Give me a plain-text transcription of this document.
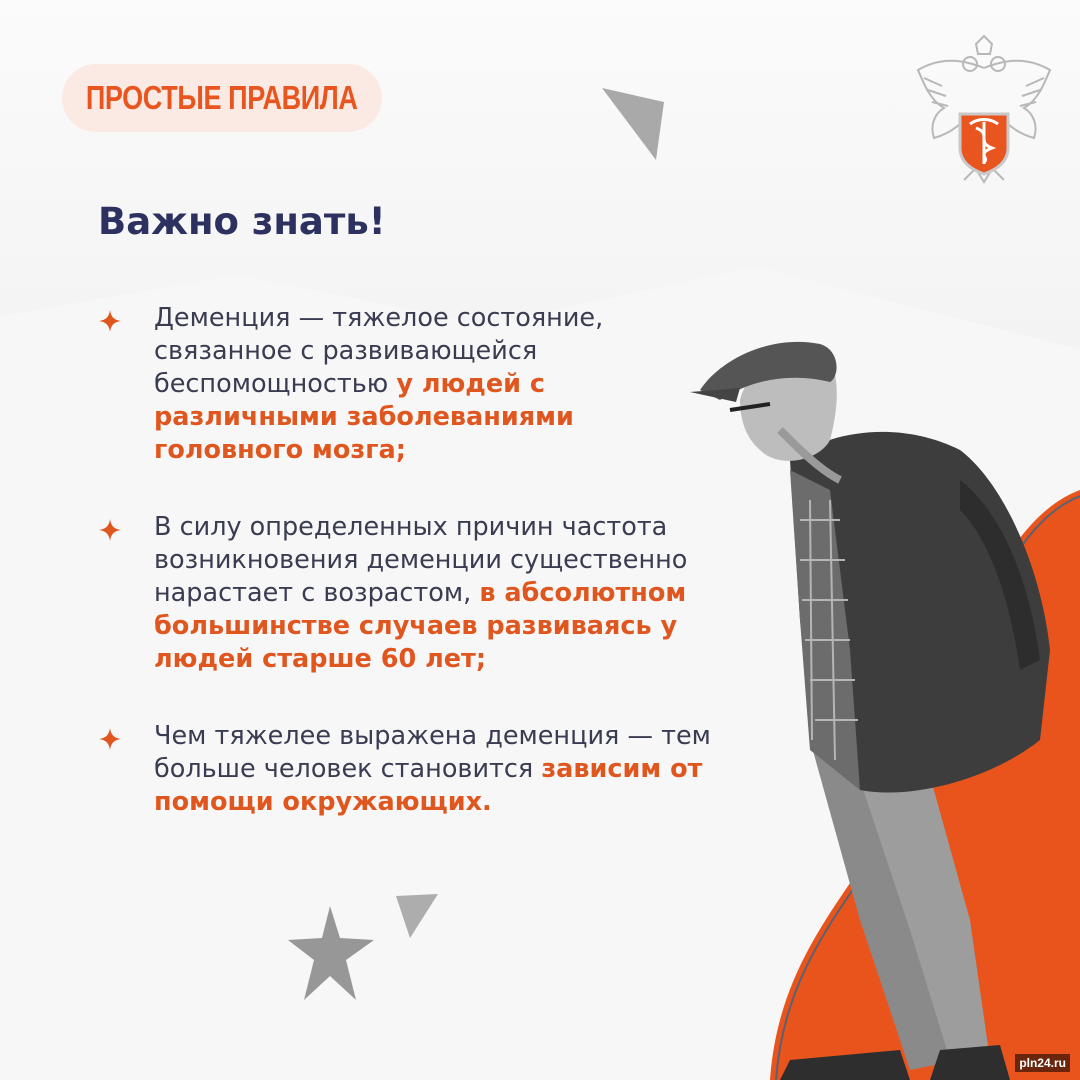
ПРОСТЫЕ ПРАВИЛА
Важно знать!

Деменция — тяжелое состояние, связанное с развивающейся беспомощностью у людей с различными заболеваниями головного мозга;

В силу определенных причин частота возникновения деменции существенно нарастает с возрастом, в абсолютном большинстве случаев развиваясь у людей старше 60 лет;

Чем тяжелее выражена деменция — тем больше человек становится зависим от помощи окружающих.

pln24.ru
